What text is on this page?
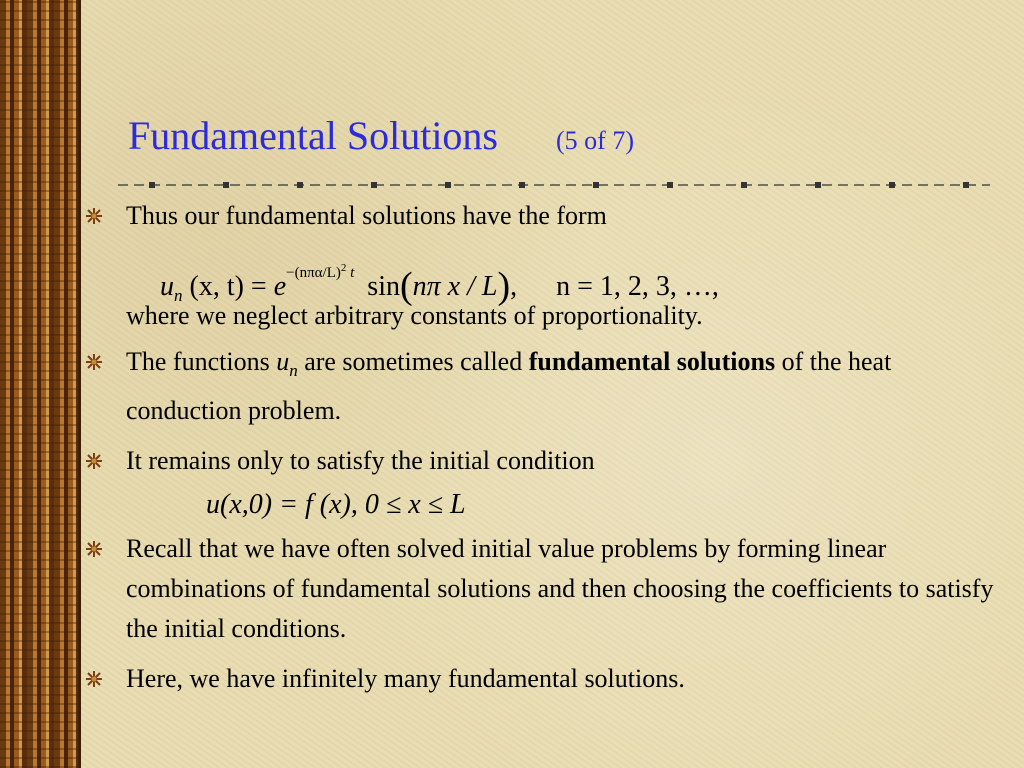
Fundamental Solutions (5 of 7)
Thus our fundamental solutions have the form
$u_n$ (x, $t) = e^{-(n\pi\alpha/L)^2 t}$ sin(nπ x / L), n = 1, 2, 3, …,
where we neglect arbitrary constants of proportionality.
The functions $u_n$ are sometimes called fundamental solutions of the heat conduction problem.
It remains only to satisfy the initial condition
u(x,0) = f (x), 0 ≤ x ≤ L
Recall that we have often solved initial value problems by forming linear combinations of fundamental solutions and then choosing the coefficients to satisfy the initial conditions.
Here, we have infinitely many fundamental solutions.
